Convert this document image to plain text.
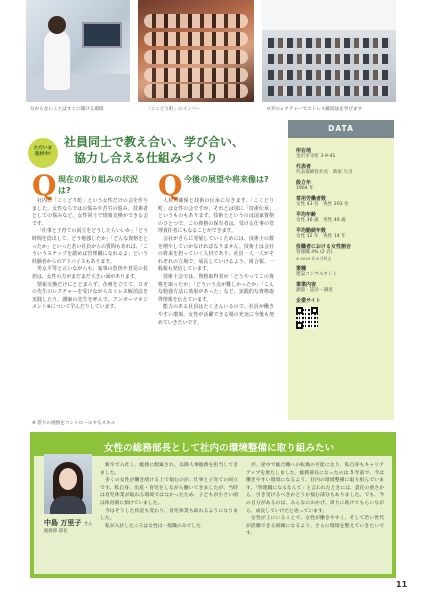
分からないことはすぐに聞ける環境	「こくどり町」のメンバー	ヨガのレクチャーでストレス解消法を学びます
ただいま
取材中!
社員同士で教え合い、学び合い、
協力し合える仕組みづくり
Q 現在の取り組みの状況は?

社内に「こくどり町」という女性だけの会を作りました。女性ならではの悩みや苦労の悩み、技術者としての悩みなど、女性同士で情報交換ができる会です。

「仕事と子育ての両立をどうしたらいいか」「どう時間を捻出して、どう勉強したか」「どんな資格をとったか」といった若い社員からの質問もあれば、「こういうステップを踏めば管理職になれるよ」という経験者からのアドバイスもあります。

男女平等と言いながらも、家事の負担や育児の負担は、女性の方がまだまだ大きい面があります。

情報交換だけにとどまらず、企画を立てて、ヨガの先生のレクチャーを受けながらストレス解消法を実践したり、講師の先生を呼んで、アンガーマネジメント※について学んだりしています。

Q 今後の展望や将来像は?

人材の確保と技術の伝承に尽きます。「こくどり町」は女性の会ですが、それとは別に「技術伝承」というものもあります。技術士というのは国家資格のひとつで、この資格の保有者は、受ける仕事の管理責任者にもなることができます。

会社がさらに発展していくためには、技術士の数を増やしていかなければなりません。技術士は会社の将来を担っていく人材であり、社員一人一人がそれぞれの立場で、成長していけるよう、組合報、一般報も発信しています。

技術士会では、資格取得者が「どうやってこの資格を取ったか」「どういう点が難しかったか」「こんな勉強方法に効果があった」など、実践的な資格取得情報を伝えています。

能力のある社員はたくさんいるので、社員が働きやすい環境、女性が活躍できる場の充実に今後も努めていきたいです。

※ 怒りの感情をコントロールするスキル
DATA
所在地
金沢市寺町 3-9-41
代表者
代表取締役社長　新家 久司
設立年
1964 年
常用労働者数
女性 43 名　男性 203 名
平均年齢
女性 36 歳　男性 46 歳
平均勤続年数
女性 12 年　男性 14 年
役職者における女性割合
管理職 4% (2 名)
※ 2019 年 8 月時点
業種
建設コンサルタント
事業内容
測量・設計・調査
企業サイト
女性の総務部長として社内の環境整備に取り組みたい
中島 万里子 さん
総務部 部長

新卒で入社し、総務に配属され、以降人事総務を担当してきました。

多くの女性が働き続ける上で悩むのが、仕事と子育ての両立です。私自身、出産・育児をしながら働いてきましたが、当時は育児休業が取れる環境ではなかったため、子どもが小さい頃は保育園に預けていました。

今はそうした状況も変わり、育児休業も取れるようになりました。

私が入社したころは女性は一般職のみでした

が、途中で総合職への転換の可能になり、私自身もキャリアアップを果たしました。総務部長になったのは 3 年前で、今は働きやすい環境になるよう、社内の環境整備に取り組んでいます。「管理職になるなんて」と言われたときには、責任の重さから、引き受けるべきかどうか悩む部分もありました。でも、今の自分があるのは、みんなのおかげ。周りに助けてもらいながら、成長していけたと思っています。

女性が上にいることで、女性が働きやすく、そして若い世代が活躍できる組織になるよう、さらに環境を整えていきたいです。

11
